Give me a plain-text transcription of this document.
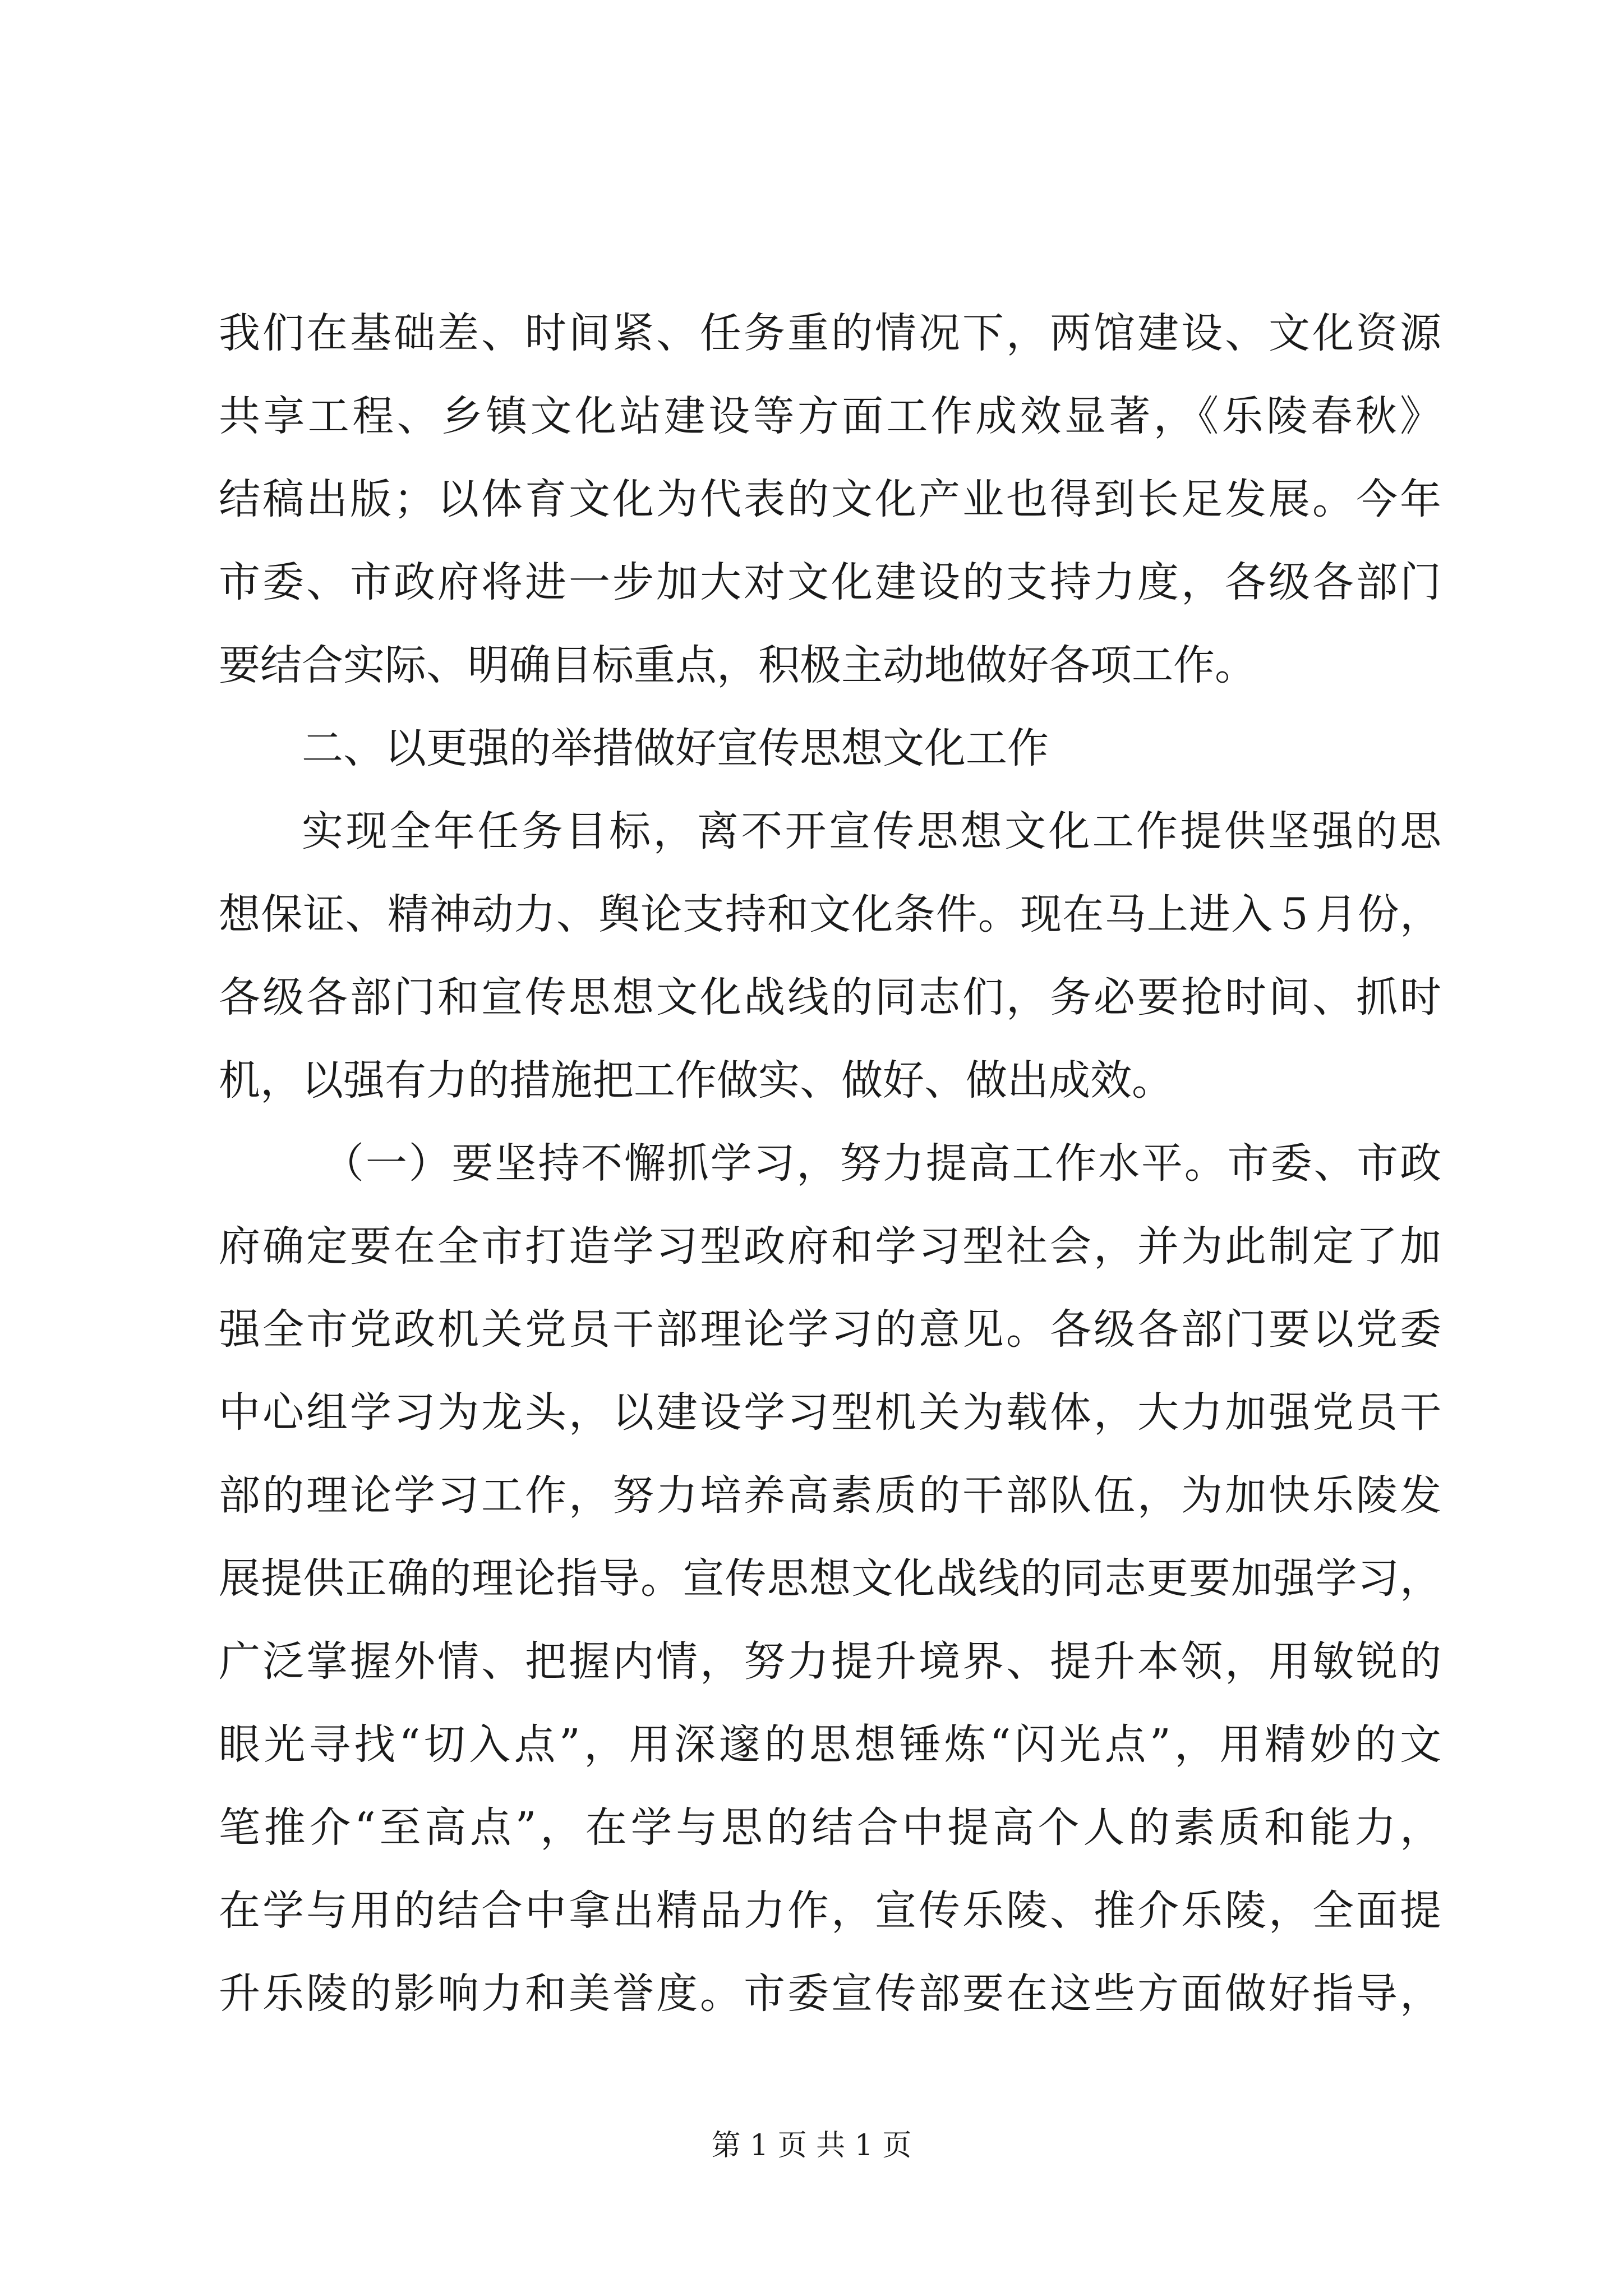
我们在基础差、时间紧、任务重的情况下，两馆建设、文化资源
共享工程、乡镇文化站建设等方面工作成效显著，《乐陵春秋》
结稿出版；以体育文化为代表的文化产业也得到长足发展。今年
市委、市政府将进一步加大对文化建设的支持力度，各级各部门
要结合实际、明确目标重点，积极主动地做好各项工作。
二、以更强的举措做好宣传思想文化工作
实现全年任务目标，离不开宣传思想文化工作提供坚强的思
想保证、精神动力、舆论支持和文化条件。现在马上进入５月份，
各级各部门和宣传思想文化战线的同志们，务必要抢时间、抓时
机，以强有力的措施把工作做实、做好、做出成效。
（一）要坚持不懈抓学习，努力提高工作水平。市委、市政
府确定要在全市打造学习型政府和学习型社会，并为此制定了加
强全市党政机关党员干部理论学习的意见。各级各部门要以党委
中心组学习为龙头，以建设学习型机关为载体，大力加强党员干
部的理论学习工作，努力培养高素质的干部队伍，为加快乐陵发
展提供正确的理论指导。宣传思想文化战线的同志更要加强学习，
广泛掌握外情、把握内情，努力提升境界、提升本领，用敏锐的
眼光寻找“切入点”，用深邃的思想锤炼“闪光点”，用精妙的文
笔推介“至高点”，在学与思的结合中提高个人的素质和能力，
在学与用的结合中拿出精品力作，宣传乐陵、推介乐陵，全面提
升乐陵的影响力和美誉度。市委宣传部要在这些方面做好指导，
第 1 页 共 1 页
